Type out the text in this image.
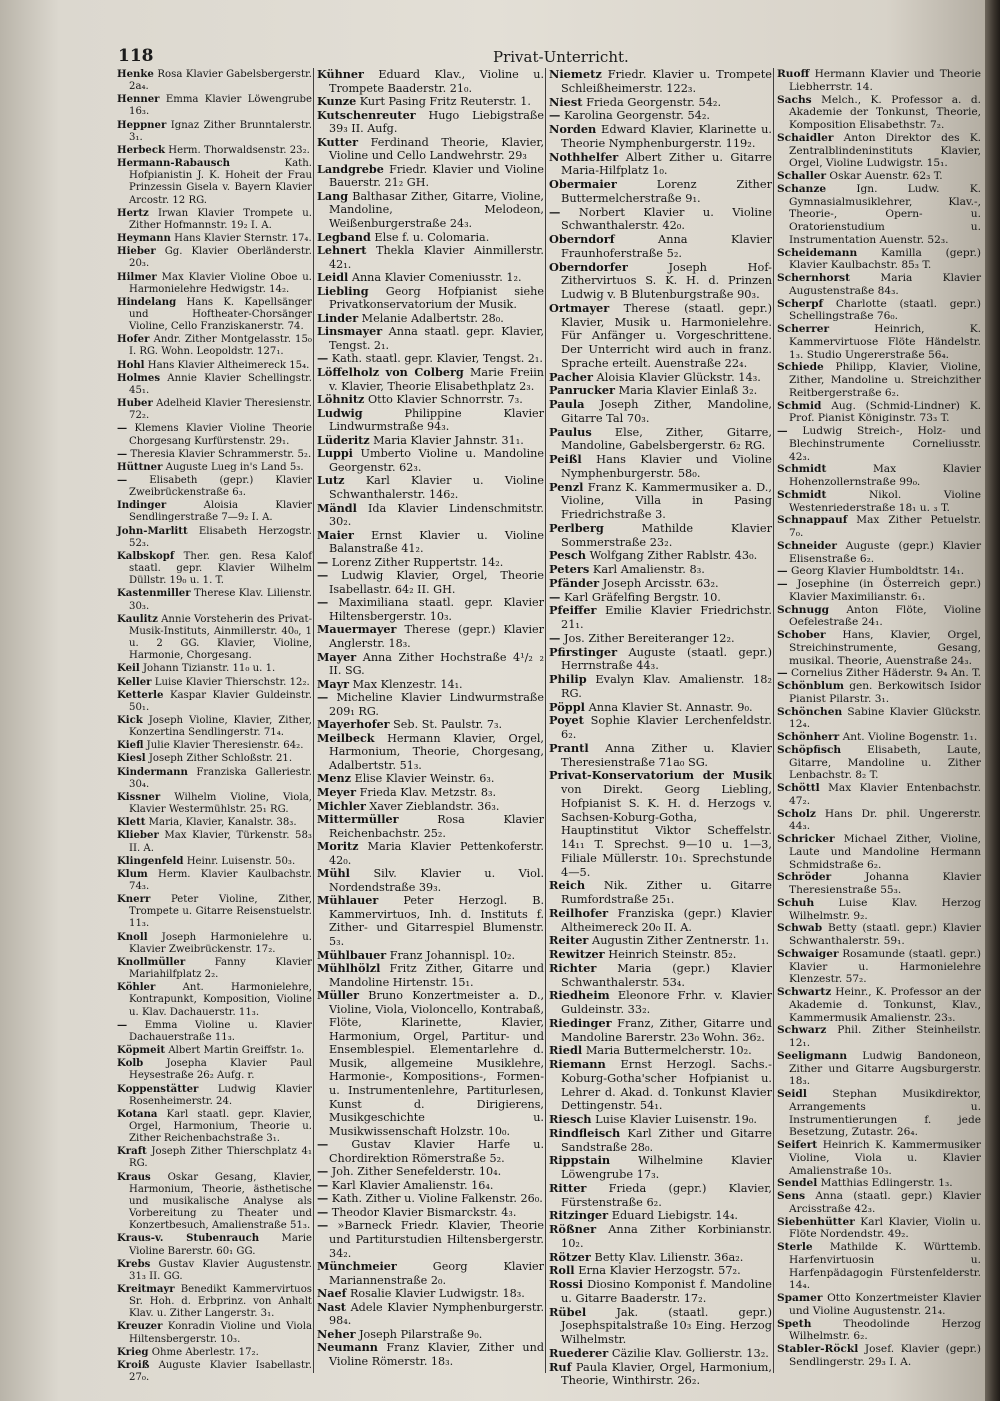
118	Privat-Unterricht.

Henke Rosa Klavier Gabelsbergerstr. 2a₄.

Henner Emma Klavier Löwengrube 16₃.

Heppner Ignaz Zither Brunntalerstr. 3₁.

Herbeck Herm. Thorwaldsenstr. 23₂.

Hermann-Rabausch	Kath. Hofpianistin J. K. Hoheit der Frau Prinzessin Gisela v. Bayern Klavier Arcostr. 12 RG.

Hertz Irwan Klavier Trompete u. Zither Hofmannstr. 19₂ I. A.

Heymann Hans Klavier Sternstr. 17₄.

Hieber Gg. Klavier Oberländerstr. 20₃.

Hilmer Max Klavier Violine Oboe u. Harmonielehre Hedwigstr. 14₂.

Hindelang Hans K. Kapellsänger und Hoftheater-Chorsänger Violine, Cello Franziskanerstr. 74.

Hofer Andr. Zither Montgelasstr. 15₀ I. RG. Wohn. Leopoldstr. 127₁.

Hohl Hans Klavier Altheimereck 15₄.

Holmes Annie Klavier Schellingstr. 45₁.

Huber Adelheid Klavier Theresienstr. 72₂.

— Klemens Klavier Violine Theorie Chorgesang Kurfürstenstr. 29₁.

— Theresia Klavier Schrammerstr. 5₂.

Hüttner Auguste Lueg in's Land 5₃.

— Elisabeth (gepr.) Klavier Zweibrückenstraße 6₃.

Indinger	Aloisia Klavier Sendlingerstraße 7—9₂ I. A.

John-Marlitt Elisabeth Herzogstr. 52₃.

Kalbskopf Ther. gen. Resa Kalof staatl. gepr. Klavier Wilhelm Düllstr. 19₀ u. 1. T.

Kastenmiller Therese Klav. Lilienstr. 30₃.

Kaulitz Annie Vorsteherin des Privat-Musik-Instituts, Ainmillerstr. 40₀, 1 u. 2 GG. Klavier, Violine, Harmonie, Chorgesang.

Keil Johann Tizianstr. 11₀ u. 1.

Keller Luise Klavier Thierschstr. 12₂.

Ketterle Kaspar Klavier Guldeinstr. 50₁.

Kick Joseph Violine, Klavier, Zither, Konzertina Sendlingerstr. 71₄.

Kiefl Julie Klavier Theresienstr. 64₂.

Kiesl Joseph Zither Schloßstr. 21.

Kindermann Franziska Galleriestr. 30₄.

Kissner Wilhelm Violine, Viola, Klavier Westermühlstr. 25₁ RG.

Klett Maria, Klavier, Kanalstr. 38₃.

Klieber Max Klavier, Türkenstr. 58₃ II. A.

Klingenfeld Heinr. Luisenstr. 50₃.

Klum Herm. Klavier Kaulbachstr. 74₃.

Knerr Peter Violine, Zither, Trompete u. Gitarre Reisenstuelstr. 11₃.

Knoll Joseph Harmonielehre u. Klavier Zweibrückenstr. 17₂.

Knollmüller	Fanny Klavier Mariahilfplatz 2₂.

Köhler	Ant. Harmonielehre, Kontrapunkt, Komposition, Violine u. Klav. Dachauerstr. 11₃.

— Emma Violine u. Klavier Dachauerstraße 11₃.

Köpmeit Albert Martin Greiffstr. 1₀.

Kolb Josepha Klavier Paul Heysestraße 26₂ Aufg. r.

Koppenstätter Ludwig Klavier Rosenheimerstr. 24.

Kotana Karl staatl. gepr. Klavier, Orgel, Harmonium, Theorie u. Zither Reichenbachstraße 3₁.

Kraft Joseph Zither Thierschplatz 4₁ RG.

Kraus Oskar Gesang, Klavier, Harmonium, Theorie, ästhetische und musikalische Analyse als Vorbereitung zu Theater und Konzertbesuch, Amalienstraße 51₃.

Kraus-v. Stubenrauch Marie Violine Barerstr. 60₁ GG.

Krebs Gustav Klavier Augustenstr. 31₃ II. GG.

Kreitmayr Benedikt Kammervirtuos Sr. Hoh. d. Erbprinz. von Anhalt Klav. u. Zither Langerstr. 3₁.

Kreuzer Konradin Violine und Viola Hiltensbergerstr. 10₃.

Krieg Ohme Aberlestr. 17₂.

Kroiß Auguste Klavier Isabellastr. 27₀.

Kühner Eduard Klav., Violine u. Trompete Baaderstr. 21₀.

Kunze Kurt Pasing Fritz Reuterstr. 1.

Kutschenreuter Hugo Liebigstraße 39₃ II. Aufg.

Kutter Ferdinand Theorie, Klavier, Violine und Cello Landwehrstr. 29₃

Landgrebe Friedr. Klavier und Violine Bauerstr. 21₂ GH.

Lang Balthasar Zither, Gitarre, Violine, Mandoline, Melodeon, Weißenburgerstraße 24₃.

Legband Else f. u. Colomaria.

Lehnert Thekla Klavier Ainmillerstr. 42₁.

Leidl Anna Klavier Comeniusstr. 1₂.

Liebling Georg Hofpianist siehe Privatkonservatorium der Musik.

Linder Melanie Adalbertstr. 28₀.

Linsmayer Anna staatl. gepr. Klavier, Tengst. 2₁.

— Kath. staatl. gepr. Klavier, Tengst. 2₁.

Löffelholz von Colberg Marie Freiin v. Klavier, Theorie Elisabethplatz 2₃.

Löhnitz Otto Klavier Schnorrstr. 7₃.

Ludwig	Philippine Klavier Lindwurmstraße 94₃.

Lüderitz Maria Klavier Jahnstr. 31₁.

Luppi Umberto Violine u. Mandoline Georgenstr. 62₃.

Lutz Karl Klavier u. Violine Schwanthalerstr. 146₂.

Mändl Ida Klavier Lindenschmitstr. 30₂.

Maier Ernst Klavier u. Violine Balanstraße 41₂.

— Lorenz Zither Ruppertstr. 14₂.

— Ludwig Klavier, Orgel, Theorie Isabellastr. 64₂ II. GH.

— Maximiliana staatl. gepr. Klavier Hiltensbergerstr. 10₃.

Mauermayer Therese (gepr.) Klavier Anglerstr. 18₃.

Mayer Anna Zither Hochstraße 4¹/₂ ₂ II. SG.

Mayr Max Klenzestr. 14₁.

— Micheline Klavier Lindwurmstraße 209₁ RG.

Mayerhofer Seb. St. Paulstr. 7₃.

Meilbeck Hermann Klavier, Orgel, Harmonium, Theorie, Chorgesang, Adalbertstr. 51₃.

Menz Elise Klavier Weinstr. 6₃.

Meyer Frieda Klav. Metzstr. 8₃.

Michler Xaver Zieblandstr. 36₃.

Mittermüller	Rosa Klavier Reichenbachstr. 25₂.

Moritz Maria Klavier Pettenkoferstr. 42₀.

Mühl Silv. Klavier u. Viol. Nordendstraße 39₃.

Mühlauer Peter Herzogl. B. Kammervirtuos, Inh. d. Instituts f. Zither- und Gitarrespiel Blumenstr. 5₃.

Mühlbauer Franz Johannispl. 10₂.

Mühlhölzl Fritz Zither, Gitarre und Mandoline Hirtenstr. 15₁.

Müller Bruno Konzertmeister a. D., Violine, Viola, Violoncello, Kontrabaß, Flöte, Klarinette, Klavier, Harmonium, Orgel, Partitur- und Ensemblespiel. Elementarlehre d. Musik, allgemeine Musiklehre, Harmonie-, Kompositions-, Formen- u. Instrumentenlehre, Partiturlesen, Kunst d. Dirigierens, Musikgeschichte u. Musikwissenschaft Holzstr. 10₀.

— Gustav Klavier Harfe u. Chordirektion Römerstraße 5₂.

— Joh. Zither Senefelderstr. 10₄.

— Karl Klavier Amalienstr. 16₄.

— Kath. Zither u. Violine Falkenstr. 26₀.

— Theodor Klavier Bismarckstr. 4₃.

— »Barneck Friedr. Klavier, Theorie und Partiturstudien Hiltensbergerstr. 34₂.

Münchmeier	Georg Klavier Mariannenstraße 2₀.

Naef Rosalie Klavier Ludwigstr. 18₃.

Nast Adele Klavier Nymphenburgerstr. 98₄.

Neher Joseph Pilarstraße 9₀.

Neumann Franz Klavier, Zither und Violine Römerstr. 18₃.

Niemetz Friedr. Klavier u. Trompete Schleißheimerstr. 122₃.

Niest Frieda Georgenstr. 54₂.

— Karolina Georgenstr. 54₂.

Norden Edward Klavier, Klarinette u. Theorie Nymphenburgerstr. 119₂.

Nothhelfer Albert Zither u. Gitarre Maria-Hilfplatz 1₀.

Obermaier	Lorenz Zither Buttermelcherstraße 9₁.

— Norbert Klavier u. Violine Schwanthalerstr. 42₀.

Oberndorf	Anna Klavier Fraunhoferstraße 5₂.

Oberndorfer	Joseph Hof-Zithervirtuos S. K. H. d. Prinzen Ludwig v. B Blutenburgstraße 90₃.

Ortmayer Therese (staatl. gepr.) Klavier, Musik u. Harmonielehre. Für Anfänger u. Vorgeschrittene. Der Unterricht wird auch in franz. Sprache erteilt. Auenstraße 22₄.

Pacher Aloisia Klavier Glückstr. 14₃.

Panrucker Maria Klavier Einlaß 3₂.

Paula Joseph Zither, Mandoline, Gitarre Tal 70₃.

Paulus Else, Zither, Gitarre, Mandoline, Gabelsbergerstr. 6₂ RG.

Peißl Hans Klavier und Violine Nymphenburgerstr. 58₀.

Penzl Franz K. Kammermusiker a. D., Violine, Villa in Pasing Friedrichstraße 3.

Perlberg	Mathilde Klavier Sommerstraße 23₂.

Pesch Wolfgang Zither Rablstr. 43₀.

Peters Karl Amalienstr. 8₃.

Pfänder Joseph Arcisstr. 63₂.

— Karl Gräfelfing Bergstr. 10.

Pfeiffer Emilie Klavier Friedrichstr. 21₁.

— Jos. Zither Bereiteranger 12₂.

Pfirstinger Auguste (staatl. gepr.) Herrnstraße 44₃.

Philip Evalyn Klav. Amalienstr. 18₂ RG.

Pöppl Anna Klavier St. Annastr. 9₀.

Poyet Sophie Klavier Lerchenfeldstr. 6₂.

Prantl Anna Zither u. Klavier Theresienstraße 71a₀ SG.

Privat-Konservatorium der Musik von Direkt. Georg Liebling, Hofpianist S. K. H. d. Herzogs v. Sachsen-Koburg-Gotha, Hauptinstitut Viktor Scheffelstr. 14₁₁ T. Sprechst. 9—10 u. 1—3, Filiale Müllerstr. 10₁. Sprechstunde 4—5.

Reich Nik. Zither u. Gitarre Rumfordstraße 25₁.

Reilhofer Franziska (gepr.) Klavier Altheimereck 20₀ II. A.

Reiter Augustin Zither Zentnerstr. 1₁.

Rewitzer Heinrich Steinstr. 85₂.

Richter Maria (gepr.) Klavier Schwanthalerstr. 53₄.

Riedheim Eleonore Frhr. v. Klavier Guldeinstr. 33₂.

Riedinger Franz, Zither, Gitarre und Mandoline Barerstr. 23₀ Wohn. 36₂.

Riedl Maria Buttermelcherstr. 10₂.

Riemann Ernst Herzogl. Sachs.-Koburg-Gotha'scher Hofpianist u. Lehrer d. Akad. d. Tonkunst Klavier Dettingenstr. 54₁.

Riesch Luise Klavier Luisenstr. 19₀.

Rindfleisch Karl Zither und Gitarre Sandstraße 28₀.

Rippstain Wilhelmine Klavier Löwengrube 17₃.

Ritter Frieda (gepr.) Klavier, Fürstenstraße 6₂.

Ritzinger Eduard Liebigstr. 14₄.

Rößner Anna Zither Korbinianstr. 10₂.

Rötzer Betty Klav. Lilienstr. 36a₂.

Roll Erna Klavier Herzogstr. 57₂.

Rossi Diosino Komponist f. Mandoline u. Gitarre Baaderstr. 17₂.

Rübel	Jak. (staatl. gepr.) Josephspitalstraße 10₃ Eing. Herzog Wilhelmstr.

Ruederer Cäzilie Klav. Gollierstr. 13₂.

Ruf Paula Klavier, Orgel, Harmonium, Theorie, Winthirstr. 26₂.

Ruoff Hermann Klavier und Theorie Liebherrstr. 14.

Sachs Melch., K. Professor a. d. Akademie der Tonkunst, Theorie, Komposition Elisabethstr. 7₂.

Schaidler Anton Direktor des K. Zentralblindeninstituts Klavier, Orgel, Violine Ludwigstr. 15₁.

Schaller Oskar Auenstr. 62₃ T.

Schanze	Ign. Ludw. K. Gymnasialmusiklehrer, Klav.-, Theorie-, Opern- u. Oratorienstudium u. Instrumentation Auenstr. 52₃.

Scheidemann Kamilla (gepr.) Klavier Kaulbachstr. 85₃ T.

Schernhorst	Maria Klavier Augustenstraße 84₃.

Scherpf Charlotte (staatl. gepr.) Schellingstraße 76₀.

Scherrer	Heinrich, K. Kammervirtuose Flöte Händelstr. 1₃. Studio Ungererstraße 56₄.

Schiede Philipp, Klavier, Violine, Zither, Mandoline u. Streichzither Reitbergerstraße 6₂.

Schmid Aug. (Schmid-Lindner) K. Prof. Pianist Königinstr. 73₃ T.

— Ludwig Streich-, Holz- und Blechinstrumente Corneliusstr. 42₃.

Schmidt	Max Klavier Hohenzollernstraße 99₀.

Schmidt	Nikol. Violine Westenriederstraße 18₁ u. ₃ T.

Schnappauf Max Zither Petuelstr. 7₀.

Schneider Auguste (gepr.) Klavier Elisenstraße 6₂.

— Georg Klavier Humboldtstr. 14₁.

— Josephine (in Österreich gepr.) Klavier Maximilianstr. 6₁.

Schnugg Anton Flöte, Violine Oefelestraße 24₁.

Schober Hans, Klavier, Orgel, Streichinstrumente, Gesang, musikal. Theorie, Auenstraße 24₃.

— Cornelius Zither Häderstr. 9₄ An. T.

Schönblum gen. Berkowitsch Isidor Pianist Pilarstr. 3₁.

Schönchen Sabine Klavier Glückstr. 12₄.

Schönherr Ant. Violine Bogenstr. 1₁.

Schöpfisch Elisabeth, Laute, Gitarre, Mandoline u. Zither Lenbachstr. 8₂ T.

Schöttl Max Klavier Entenbachstr. 47₂.

Scholz Hans Dr. phil. Ungererstr. 44₃.

Schricker Michael Zither, Violine, Laute und Mandoline Hermann Schmidstraße 6₂.

Schröder	Johanna Klavier Theresienstraße 55₃.

Schuh Luise Klav. Herzog Wilhelmstr. 9₂.

Schwab Betty (staatl. gepr.) Klavier Schwanthalerstr. 59₁.

Schwaiger Rosamunde (staatl. gepr.) Klavier u. Harmonielehre Klenzestr. 57₂.

Schwartz Heinr., K. Professor an der Akademie d. Tonkunst, Klav., Kammermusik Amalienstr. 23₃.

Schwarz Phil. Zither Steinheilstr. 12₁.

Seeligmann Ludwig Bandoneon, Zither und Gitarre Augsburgerstr. 18₃.

Seidl Stephan Musikdirektor, Arrangements u. Instrumentierungen f. jede Besetzung, Zutastr. 26₄.

Seifert Heinrich K. Kammermusiker Violine, Viola u. Klavier Amalienstraße 10₃.

Sendel Matthias Edlingerstr. 1₃.

Sens Anna (staatl. gepr.) Klavier Arcisstraße 42₃.

Siebenhütter Karl Klavier, Violin u. Flöte Nordendstr. 49₂.

Sterle Mathilde K. Württemb. Harfenvirtuosin u. Harfenpädagogin Fürstenfelderstr. 14₄.

Spamer Otto Konzertmeister Klavier und Violine Augustenstr. 21₄.

Speth	Theodolinde Herzog Wilhelmstr. 6₂.

Stabler-Röckl Josef. Klavier (gepr.) Sendlingerstr. 29₃ I. A.
